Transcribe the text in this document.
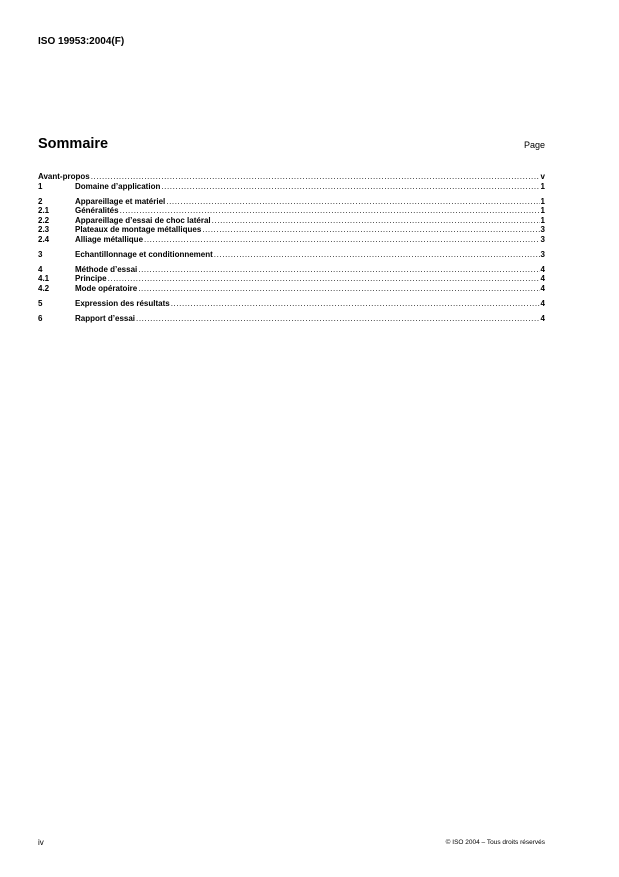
ISO 19953:2004(F)
Sommaire	Page
Avant-propos .....	v
1	Domaine d’application .....	1
2	Appareillage et matériel .....	1
2.1	Généralités .....	1
2.2	Appareillage d’essai de choc latéral .....	1
2.3	Plateaux de montage métalliques .....	3
2.4	Alliage métallique .....	3
3	Echantillonnage et conditionnement .....	3
4	Méthode d’essai .....	4
4.1	Principe .....	4
4.2	Mode opératoire .....	4
5	Expression des résultats .....	4
6	Rapport d’essai .....	4
iv	© ISO 2004 – Tous droits réservés
